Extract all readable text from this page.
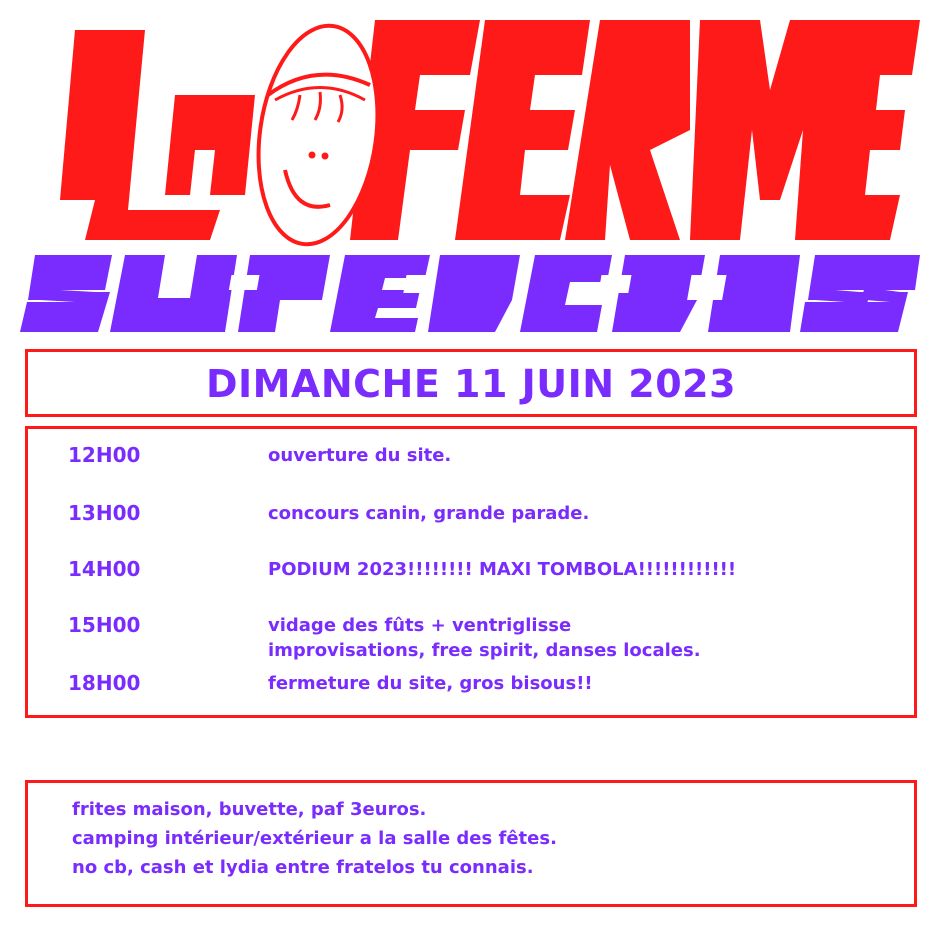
DIMANCHE 11 JUIN 2023
12H00	ouverture du site.
13H00	concours canin, grande parade.
14H00	PODIUM 2023!!!!!!!! MAXI TOMBOLA!!!!!!!!!!!!
15H00	vidage des fûts + ventriglisse
improvisations, free spirit, danses locales.
18H00	fermeture du site, gros bisous!!
frites maison, buvette, paf 3euros.
camping intérieur/extérieur a la salle des fêtes.
no cb, cash et lydia entre fratelos tu connais.
